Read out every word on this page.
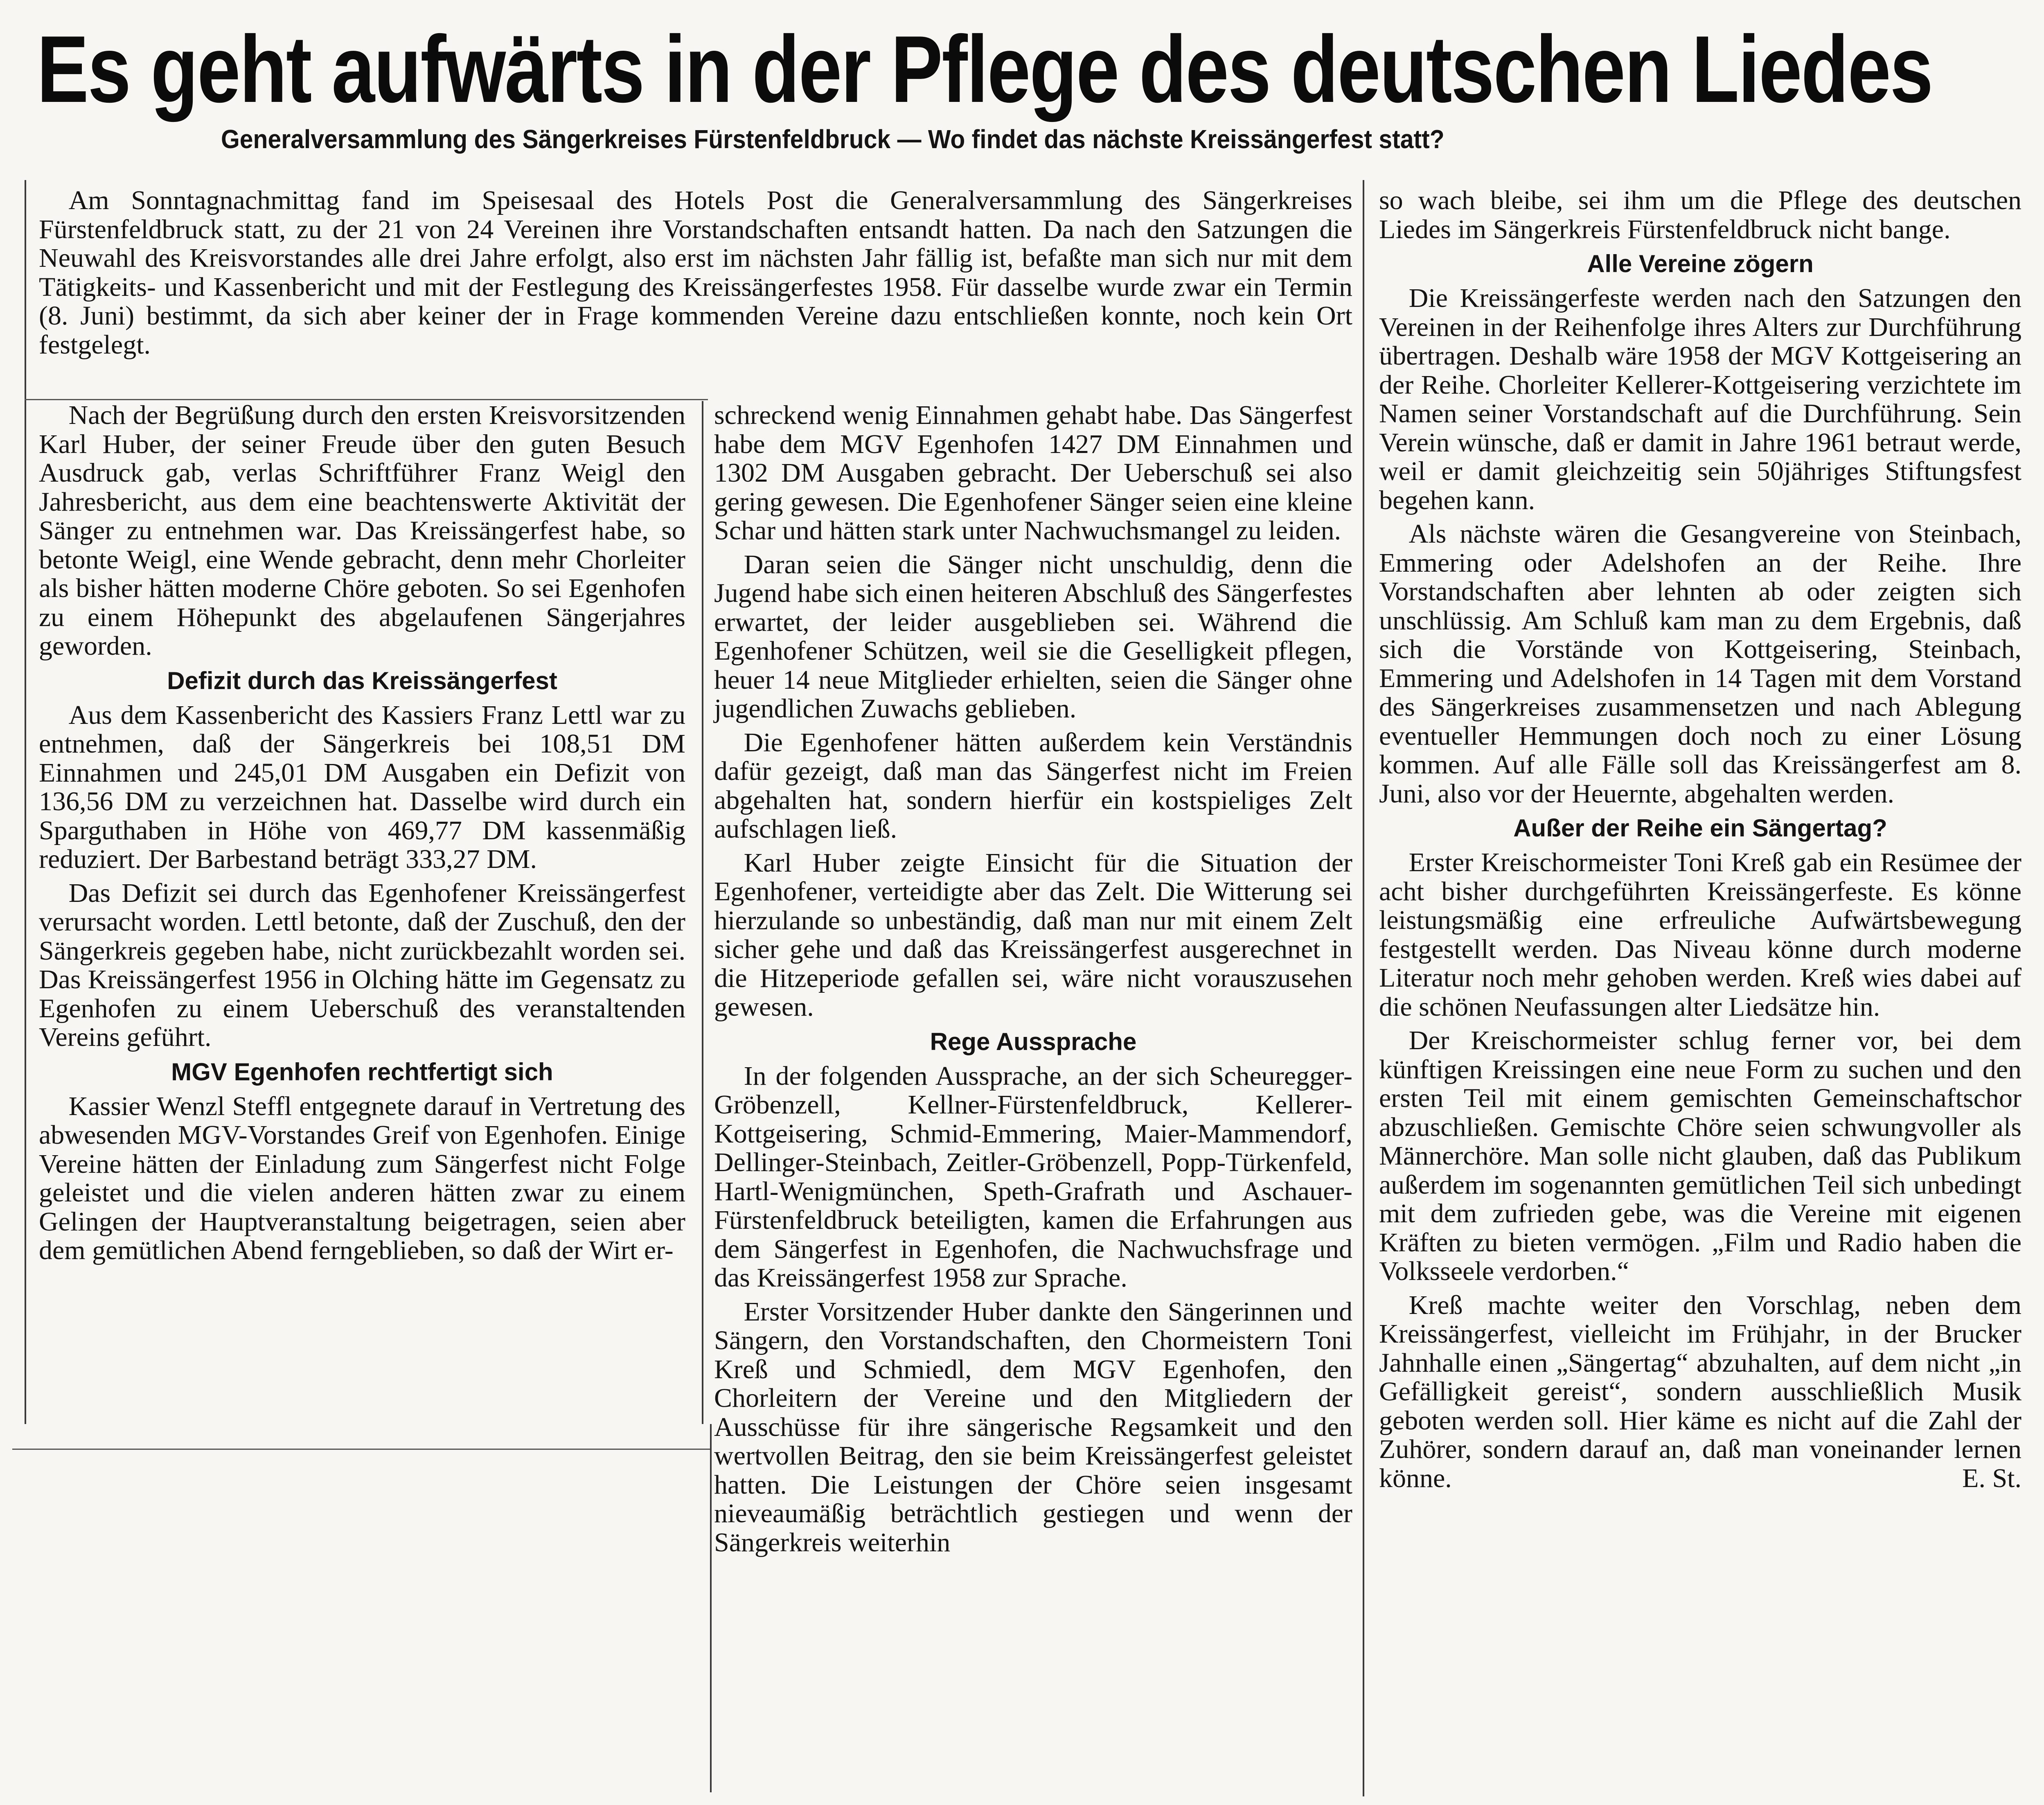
Es geht aufwärts in der Pflege des deutschen Liedes
Generalversammlung des Sängerkreises Fürstenfeldbruck — Wo findet das nächste Kreissängerfest statt?

Am Sonntagnachmittag fand im Speisesaal des Hotels Post die Generalversammlung des Sängerkreises Fürstenfeldbruck statt, zu der 21 von 24 Vereinen ihre Vorstandschaften entsandt hatten. Da nach den Satzungen die Neuwahl des Kreisvorstandes alle drei Jahre erfolgt, also erst im nächsten Jahr fällig ist, befaßte man sich nur mit dem Tätigkeits- und Kassenbericht und mit der Festlegung des Kreissängerfestes 1958. Für dasselbe wurde zwar ein Termin (8. Juni) bestimmt, da sich aber keiner der in Frage kommenden Vereine dazu entschließen konnte, noch kein Ort festgelegt.

Nach der Begrüßung durch den ersten Kreisvorsitzenden Karl Huber, der seiner Freude über den guten Besuch Ausdruck gab, verlas Schriftführer Franz Weigl den Jahresbericht, aus dem eine beachtenswerte Aktivität der Sänger zu entnehmen war. Das Kreissängerfest habe, so betonte Weigl, eine Wende gebracht, denn mehr Chorleiter als bisher hätten moderne Chöre geboten. So sei Egenhofen zu einem Höhepunkt des abgelaufenen Sängerjahres geworden.

Defizit durch das Kreissängerfest

Aus dem Kassenbericht des Kassiers Franz Lettl war zu entnehmen, daß der Sängerkreis bei 108,51 DM Einnahmen und 245,01 DM Ausgaben ein Defizit von 136,56 DM zu verzeichnen hat. Dasselbe wird durch ein Sparguthaben in Höhe von 469,77 DM kassenmäßig reduziert. Der Barbestand beträgt 333,27 DM.

Das Defizit sei durch das Egenhofener Kreissängerfest verursacht worden. Lettl betonte, daß der Zuschuß, den der Sängerkreis gegeben habe, nicht zurückbezahlt worden sei. Das Kreissängerfest 1956 in Olching hätte im Gegensatz zu Egenhofen zu einem Ueberschuß des veranstaltenden Vereins geführt.

MGV Egenhofen rechtfertigt sich

Kassier Wenzl Steffl entgegnete darauf in Vertretung des abwesenden MGV-Vorstandes Greif von Egenhofen. Einige Vereine hätten der Einladung zum Sängerfest nicht Folge geleistet und die vielen anderen hätten zwar zu einem Gelingen der Hauptveranstaltung beigetragen, seien aber dem gemütlichen Abend ferngeblieben, so daß der Wirt er-

schreckend wenig Einnahmen gehabt habe. Das Sängerfest habe dem MGV Egenhofen 1427 DM Einnahmen und 1302 DM Ausgaben gebracht. Der Ueberschuß sei also gering gewesen. Die Egenhofener Sänger seien eine kleine Schar und hätten stark unter Nachwuchsmangel zu leiden.

Daran seien die Sänger nicht unschuldig, denn die Jugend habe sich einen heiteren Abschluß des Sängerfestes erwartet, der leider ausgeblieben sei. Während die Egenhofener Schützen, weil sie die Geselligkeit pflegen, heuer 14 neue Mitglieder erhielten, seien die Sänger ohne jugendlichen Zuwachs geblieben.

Die Egenhofener hätten außerdem kein Verständnis dafür gezeigt, daß man das Sängerfest nicht im Freien abgehalten hat, sondern hierfür ein kostspieliges Zelt aufschlagen ließ.

Karl Huber zeigte Einsicht für die Situation der Egenhofener, verteidigte aber das Zelt. Die Witterung sei hierzulande so unbeständig, daß man nur mit einem Zelt sicher gehe und daß das Kreissängerfest ausgerechnet in die Hitzeperiode gefallen sei, wäre nicht vorauszusehen gewesen.

Rege Aussprache

In der folgenden Aussprache, an der sich Scheuregger-Gröbenzell, Kellner-Fürstenfeldbruck, Kellerer-Kottgeisering, Schmid-Emmering, Maier-Mammendorf, Dellinger-Steinbach, Zeitler-Gröbenzell, Popp-Türkenfeld, Hartl-Wenigmünchen, Speth-Grafrath und Aschauer-Fürstenfeldbruck beteiligten, kamen die Erfahrungen aus dem Sängerfest in Egenhofen, die Nachwuchsfrage und das Kreissängerfest 1958 zur Sprache.

Erster Vorsitzender Huber dankte den Sängerinnen und Sängern, den Vorstandschaften, den Chormeistern Toni Kreß und Schmiedl, dem MGV Egenhofen, den Chorleitern der Vereine und den Mitgliedern der Ausschüsse für ihre sängerische Regsamkeit und den wertvollen Beitrag, den sie beim Kreissängerfest geleistet hatten. Die Leistungen der Chöre seien insgesamt nieveaumäßig beträchtlich gestiegen und wenn der Sängerkreis weiterhin

so wach bleibe, sei ihm um die Pflege des deutschen Liedes im Sängerkreis Fürstenfeldbruck nicht bange.

Alle Vereine zögern

Die Kreissängerfeste werden nach den Satzungen den Vereinen in der Reihenfolge ihres Alters zur Durchführung übertragen. Deshalb wäre 1958 der MGV Kottgeisering an der Reihe. Chorleiter Kellerer-Kottgeisering verzichtete im Namen seiner Vorstandschaft auf die Durchführung. Sein Verein wünsche, daß er damit in Jahre 1961 betraut werde, weil er damit gleichzeitig sein 50jähriges Stiftungsfest begehen kann.

Als nächste wären die Gesangvereine von Steinbach, Emmering oder Adelshofen an der Reihe. Ihre Vorstandschaften aber lehnten ab oder zeigten sich unschlüssig. Am Schluß kam man zu dem Ergebnis, daß sich die Vorstände von Kottgeisering, Steinbach, Emmering und Adelshofen in 14 Tagen mit dem Vorstand des Sängerkreises zusammensetzen und nach Ablegung eventueller Hemmungen doch noch zu einer Lösung kommen. Auf alle Fälle soll das Kreissängerfest am 8. Juni, also vor der Heuernte, abgehalten werden.

Außer der Reihe ein Sängertag?

Erster Kreischormeister Toni Kreß gab ein Resümee der acht bisher durchgeführten Kreissängerfeste. Es könne leistungsmäßig eine erfreuliche Aufwärtsbewegung festgestellt werden. Das Niveau könne durch moderne Literatur noch mehr gehoben werden. Kreß wies dabei auf die schönen Neufassungen alter Liedsätze hin.

Der Kreischormeister schlug ferner vor, bei dem künftigen Kreissingen eine neue Form zu suchen und den ersten Teil mit einem gemischten Gemeinschaftschor abzuschließen. Gemischte Chöre seien schwungvoller als Männerchöre. Man solle nicht glauben, daß das Publikum außerdem im sogenannten gemütlichen Teil sich unbedingt mit dem zufrieden gebe, was die Vereine mit eigenen Kräften zu bieten vermögen. „Film und Radio haben die Volksseele verdorben.“

Kreß machte weiter den Vorschlag, neben dem Kreissängerfest, vielleicht im Frühjahr, in der Brucker Jahnhalle einen „Sängertag“ abzuhalten, auf dem nicht „in Gefälligkeit gereist“, sondern ausschließlich Musik geboten werden soll. Hier käme es nicht auf die Zahl der Zuhörer, sondern darauf an, daß man voneinander lernen könne.	E. St.
